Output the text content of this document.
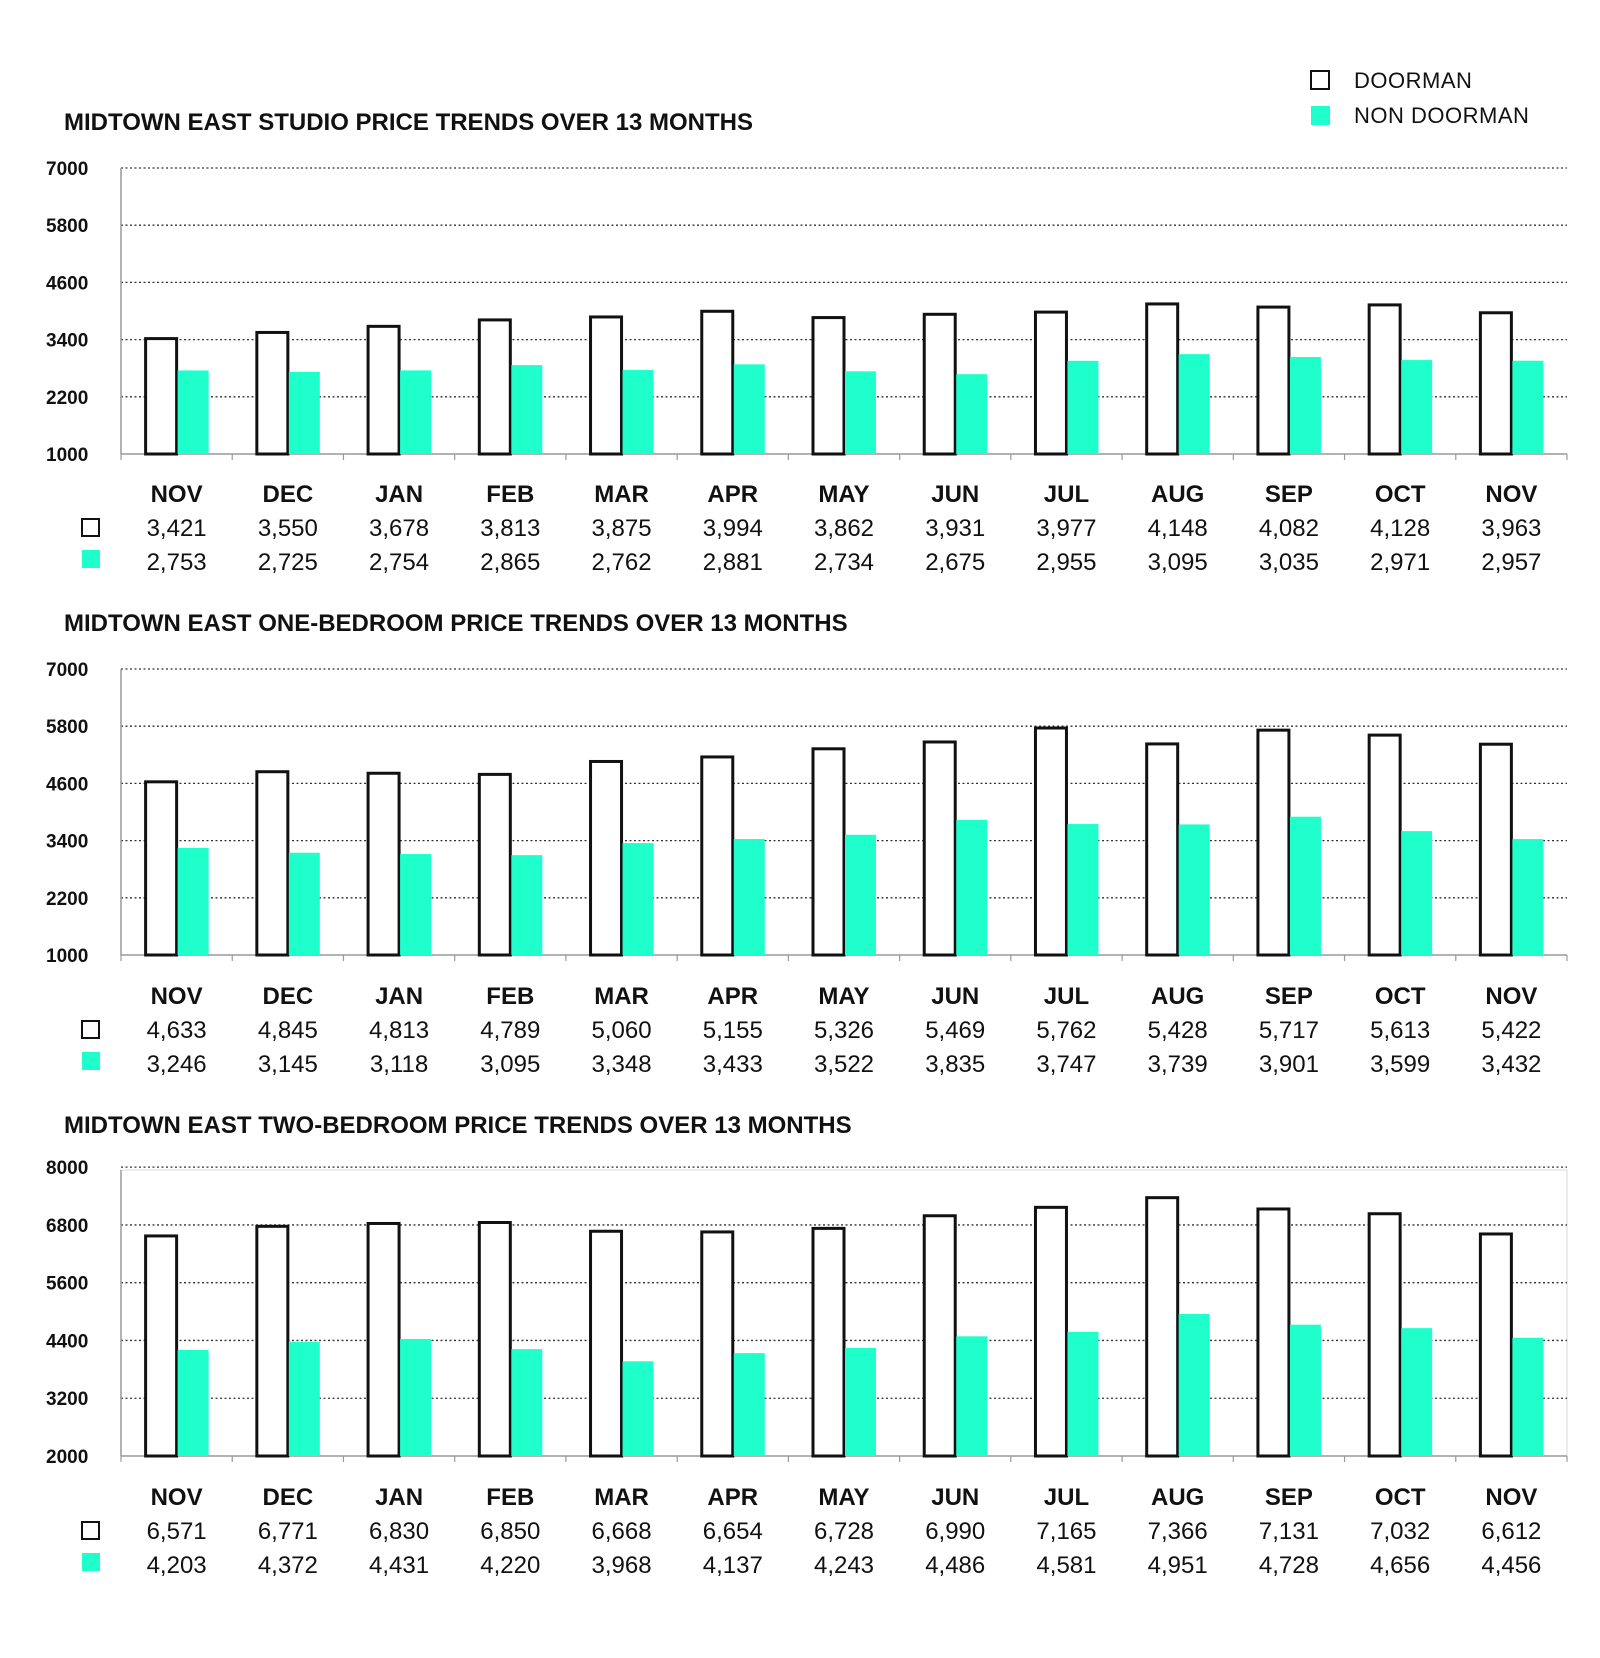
DOORMAN
NON DOORMAN
MIDTOWN EAST STUDIO PRICE TRENDS OVER 13 MONTHS
1000
2200
3400
4600
5800
7000
NOV
3,421
2,753
DEC
3,550
2,725
JAN
3,678
2,754
FEB
3,813
2,865
MAR
3,875
2,762
APR
3,994
2,881
MAY
3,862
2,734
JUN
3,931
2,675
JUL
3,977
2,955
AUG
4,148
3,095
SEP
4,082
3,035
OCT
4,128
2,971
NOV
3,963
2,957
MIDTOWN EAST ONE-BEDROOM PRICE TRENDS OVER 13 MONTHS
1000
2200
3400
4600
5800
7000
NOV
4,633
3,246
DEC
4,845
3,145
JAN
4,813
3,118
FEB
4,789
3,095
MAR
5,060
3,348
APR
5,155
3,433
MAY
5,326
3,522
JUN
5,469
3,835
JUL
5,762
3,747
AUG
5,428
3,739
SEP
5,717
3,901
OCT
5,613
3,599
NOV
5,422
3,432
MIDTOWN EAST TWO-BEDROOM PRICE TRENDS OVER 13 MONTHS
2000
3200
4400
5600
6800
8000
NOV
6,571
4,203
DEC
6,771
4,372
JAN
6,830
4,431
FEB
6,850
4,220
MAR
6,668
3,968
APR
6,654
4,137
MAY
6,728
4,243
JUN
6,990
4,486
JUL
7,165
4,581
AUG
7,366
4,951
SEP
7,131
4,728
OCT
7,032
4,656
NOV
6,612
4,456
